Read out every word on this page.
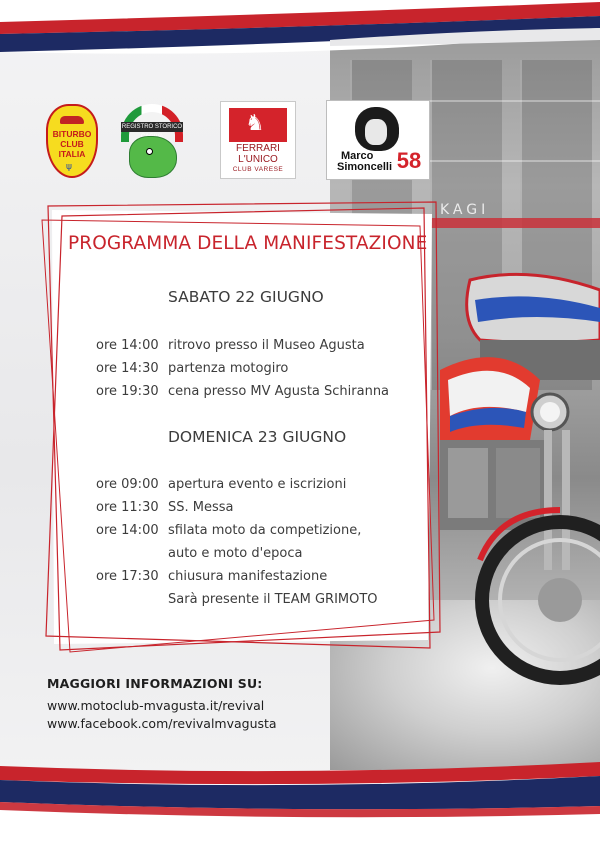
KAGI
BITURBO
CLUB
ITALIA
ψ
REGISTRO STORICO	♞
FERRARI
L'UNICO
CLUB VARESE
Marco
Simoncelli 58
PROGRAMMA DELLA MANIFESTAZIONE
SABATO 22 GIUGNO
ore 14:00 ritrovo presso il Museo Agusta
ore 14:30 partenza motogiro
ore 19:30 cena presso MV Agusta Schiranna
DOMENICA 23 GIUGNO
ore 09:00 apertura evento e iscrizioni
ore 11:30 SS. Messa
ore 14:00 sfilata moto da competizione,
auto e moto d'epoca
ore 17:30 chiusura manifestazione
Sarà presente il TEAM GRIMOTO
MAGGIORI INFORMAZIONI SU:
www.motoclub-mvagusta.it/revival
www.facebook.com/revivalmvagusta
